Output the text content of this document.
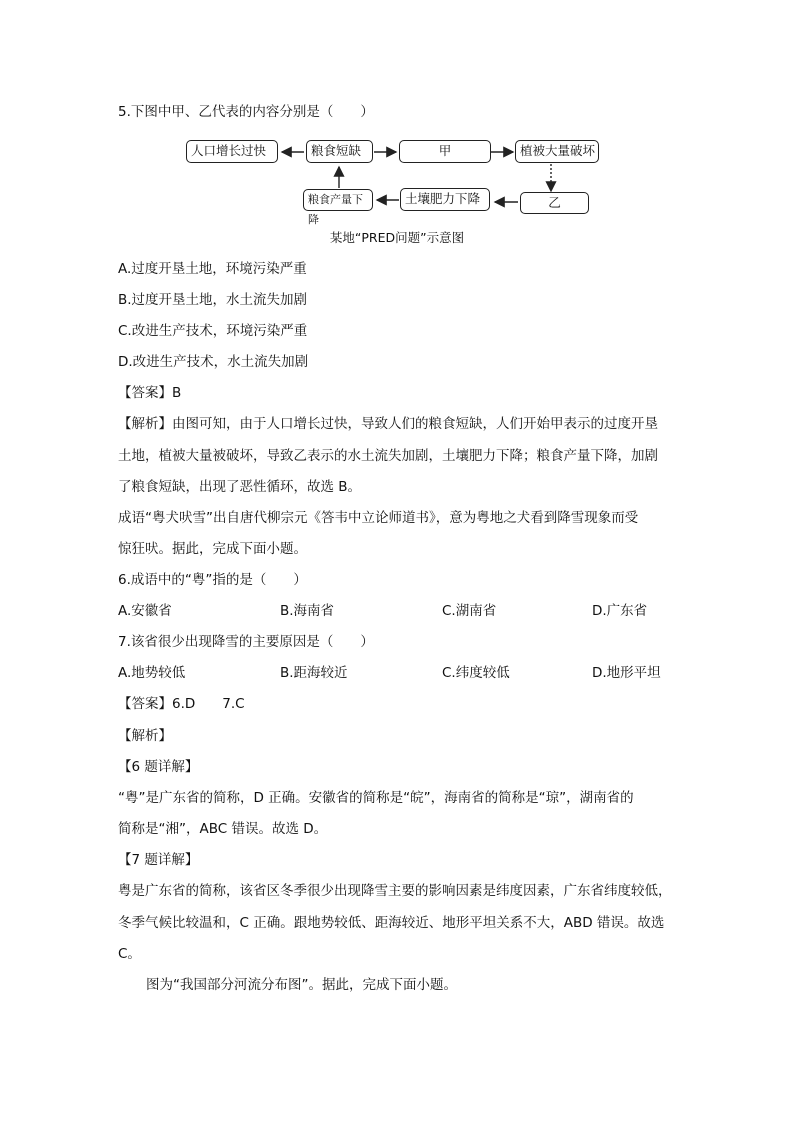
5.下图中甲、乙代表的内容分别是（　　）
人口增长过快	粮食短缺	甲	植被大量破坏
乙
土壤肥力下降
粮食产量下降
某地“PRED问题”示意图
A.过度开垦土地，环境污染严重
B.过度开垦土地，水土流失加剧
C.改进生产技术，环境污染严重
D.改进生产技术，水土流失加剧
【答案】B
【解析】由图可知，由于人口增长过快，导致人们的粮食短缺，人们开始甲表示的过度开垦
土地，植被大量被破坏，导致乙表示的水土流失加剧，土壤肥力下降；粮食产量下降，加剧
了粮食短缺，出现了恶性循环，故选 B。
成语“粤犬吠雪”出自唐代柳宗元《答韦中立论师道书》，意为粤地之犬看到降雪现象而受
惊狂吠。据此，完成下面小题。
6.成语中的“粤”指的是（　　）
A.安徽省	B.海南省	C.湖南省	D.广东省
7.该省很少出现降雪的主要原因是（　　）
A.地势较低	B.距海较近	C.纬度较低	D.地形平坦
【答案】6.D　　7.C
【解析】
【6 题详解】
“粤”是广东省的简称，D 正确。安徽省的简称是“皖”，海南省的简称是“琼”，湖南省的
简称是“湘”，ABC 错误。故选 D。
【7 题详解】
粤是广东省的简称，该省区冬季很少出现降雪主要的影响因素是纬度因素，广东省纬度较低，
冬季气候比较温和，C 正确。跟地势较低、距海较近、地形平坦关系不大，ABD 错误。故选
C。
图为“我国部分河流分布图”。据此，完成下面小题。
